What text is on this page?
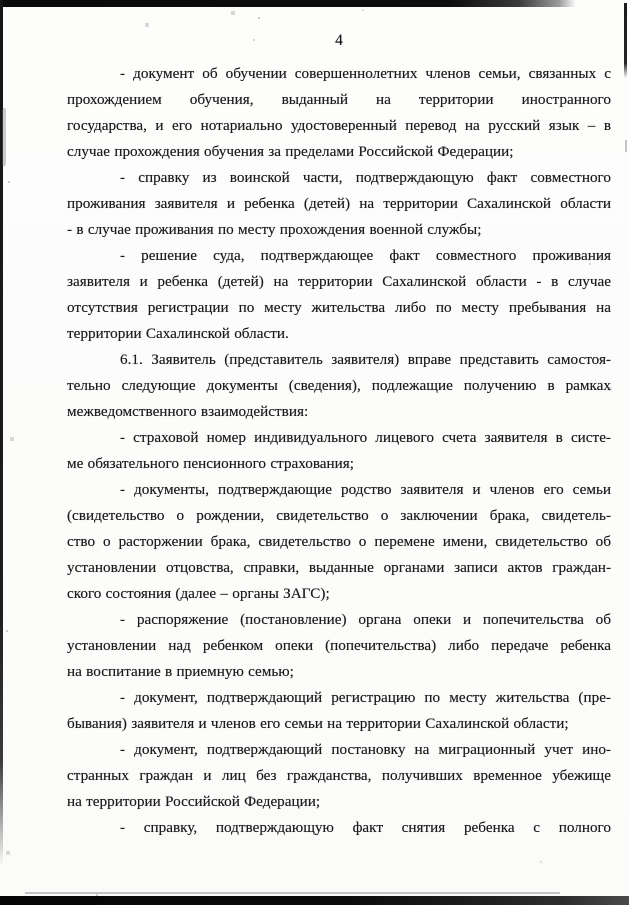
4
- документ об обучении совершеннолетних членов семьи, связанных с
прохождением обучения, выданный на территории иностранного
государства, и его нотариально удостоверенный перевод на русский язык – в
случае прохождения обучения за пределами Российской Федерации;
- справку из воинской части, подтверждающую факт совместного
проживания заявителя и ребенка (детей) на территории Сахалинской области
- в случае проживания по месту прохождения военной службы;
- решение суда, подтверждающее факт совместного проживания
заявителя и ребенка (детей) на территории Сахалинской области - в случае
отсутствия регистрации по месту жительства либо по месту пребывания на
территории Сахалинской области.
6.1. Заявитель (представитель заявителя) вправе представить самостоя-
тельно следующие документы (сведения), подлежащие получению в рамках
межведомственного взаимодействия:
- страховой номер индивидуального лицевого счета заявителя в систе-
ме обязательного пенсионного страхования;
- документы, подтверждающие родство заявителя и членов его семьи
(свидетельство о рождении, свидетельство о заключении брака, свидетель-
ство о расторжении брака, свидетельство о перемене имени, свидетельство об
установлении отцовства, справки, выданные органами записи актов граждан-
ского состояния (далее – органы ЗАГС);
- распоряжение (постановление) органа опеки и попечительства об
установлении над ребенком опеки (попечительства) либо передаче ребенка
на воспитание в приемную семью;
- документ, подтверждающий регистрацию по месту жительства (пре-
бывания) заявителя и членов его семьи на территории Сахалинской области;
- документ, подтверждающий постановку на миграционный учет ино-
странных граждан и лиц без гражданства, получивших временное убежище
на территории Российской Федерации;
- справку, подтверждающую факт снятия ребенка с полного
